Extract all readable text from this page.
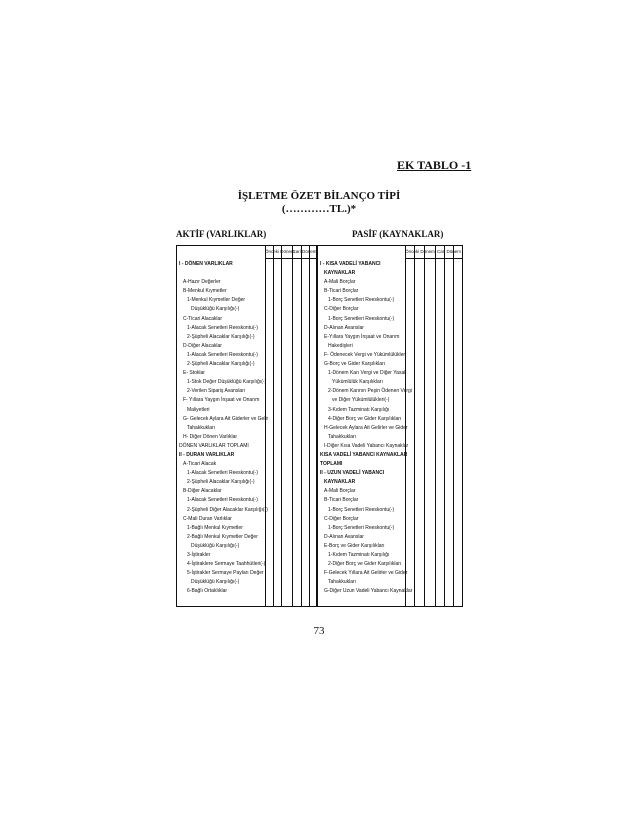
EK TABLO -1
İŞLETME ÖZET BİLANÇO TİPİ
(…………TL.)*
AKTİF (VARLIKLAR)	PASİF (KAYNAKLAR)
Önceki Dönem
Cari Dönem
I - DÖNEN VARLIKLAR
A-Hazır Değerler
B-Menkul Kıymetler
1-Menkul Kıymetler Değer
Düşüklüğü Karşılığı(-)
C-Ticari Alacaklar
1-Alacak Senetleri Reeskontu(-)
2-Şüpheli Alacaklar Karşılığı(-)
D-Diğer Alacaklar
1-Alacak Senetleri Reeskontu(-)
2-Şüpheli Alacaklar Karşılığı(-)
E- Stoklar
1-Stok Değer Düşüklüğü Karşılığı(-)
2-Verilen Sipariş Avansları
F- Yıllara Yaygın İnşaat ve Onarım
Maliyetleri
G- Gelecek Aylara Ait Giderler ve Gelir
Tahakkukları
H- Diğer Dönen Varlıklar
DÖNEN VARLIKLAR TOPLAMI
II - DURAN VARLIKLAR
A-Ticari Alacak
1-Alacak Senetleri Reeskontu(-)
2-Şüpheli Alacaklar Karşılığı(-)
B-Diğer Alacaklar
1-Alacak Senetleri Reeskontu(-)
2-Şüpheli Diğer Alacaklar Karşılığı(-)
C-Mali Duran Varlıklar
1-Bağlı Menkul Kıymetler
2-Bağlı Menkul Kıymetler Değer
Düşüklüğü Karşılığı(-)
3-İştirakler
4-İştiraklere Sermaye Taahhütleri(-)
5-İştirakler Sermaye Payları Değer
Düşüklüğü Karşılığı(-)
6-Bağlı Ortaklıklar
Önceki Dönem Cari Dönem
I - KISA VADELİ YABANCI
KAYNAKLAR
A-Mali Borçlar
B-Ticari Borçlar
1-Borç Senetleri Reeskontu(-)
C-Diğer Borçlar
1-Borç Senetleri Reeskontu(-)
D-Alınan Avanslar
E-Yıllara Yaygın İnşaat ve Onarım
Hakedişleri
F- Ödenecek Vergi ve Yükümlülükler
G-Borç ve Gider Karşılıkları
1-Dönem Karı Vergi ve Diğer Yasal
Yükümlülük Karşılıkları
2-Dönem Karının Peşin Ödenen Vergi
ve Diğer Yükümlülükleri(-)
3-Kıdem Tazminatı Karşılığı
4-Diğer Borç ve Gider Karşılıkları
H-Gelecek Aylara Ait Gelirler ve Gider
Tahakkukları
I-Diğer Kısa Vadeli Yabancı Kaynaklar
KISA VADELİ YABANCI KAYNAKLAR
TOPLAMI
II - UZUN VADELİ YABANCI
KAYNAKLAR
A-Mali Borçlar
B-Ticari Borçlar
1-Borç Senetleri Reeskontu(-)
C-Diğer Borçlar
1-Borç Senetleri Reeskontu(-)
D-Alınan Avanslar
E-Borç ve Gider Karşılıkları
1-Kıdem Tazminatı Karşılığı
2-Diğer Borç ve Gider Karşılıkları
F-Gelecek Yıllara Ait Gelirler ve Gider
Tahakkukları
G-Diğer Uzun Vadeli Yabancı Kaynaklar
73
